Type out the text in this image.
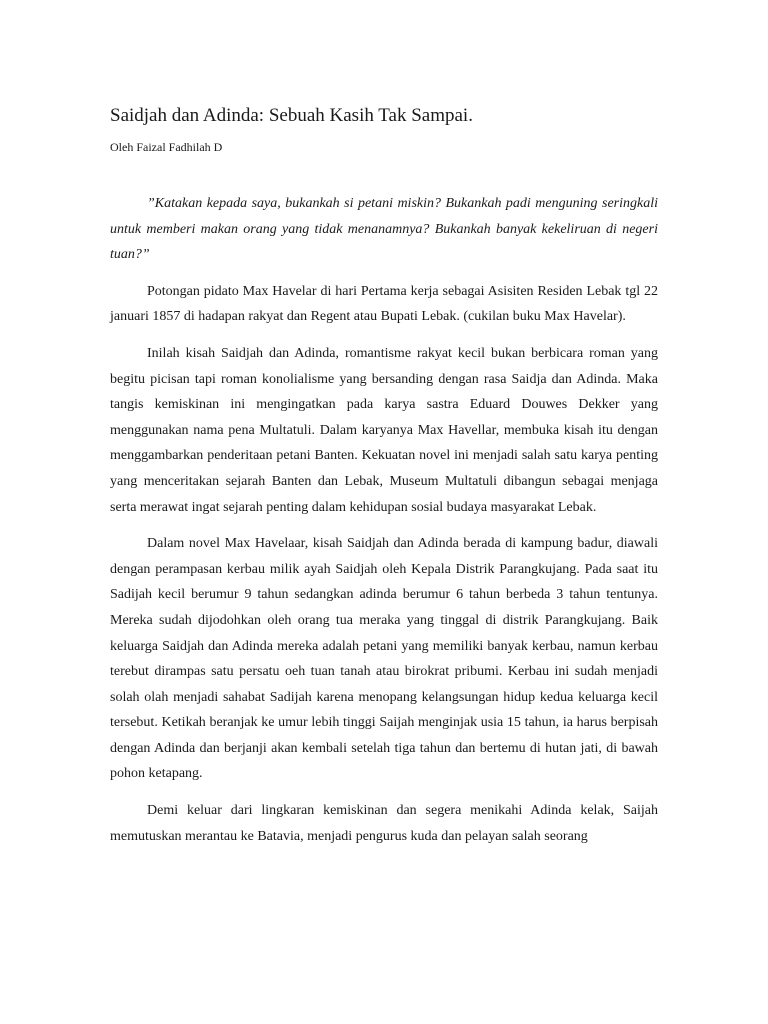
Saidjah dan Adinda: Sebuah Kasih Tak Sampai.

Oleh Faizal Fadhilah D

”Katakan kepada saya, bukankah si petani miskin? Bukankah padi menguning seringkali untuk memberi makan orang yang tidak menanamnya? Bukankah banyak kekeliruan di negeri tuan?”

Potongan pidato Max Havelar di hari Pertama kerja sebagai Asisiten Residen Lebak tgl 22 januari 1857 di hadapan rakyat dan Regent atau Bupati Lebak. (cukilan buku Max Havelar).

Inilah kisah Saidjah dan Adinda, romantisme rakyat kecil bukan berbicara roman yang begitu picisan tapi roman konolialisme yang bersanding dengan rasa Saidja dan Adinda. Maka tangis kemiskinan ini mengingatkan pada karya sastra Eduard Douwes Dekker yang menggunakan nama pena Multatuli. Dalam karyanya Max Havellar, membuka kisah itu dengan menggambarkan penderitaan petani Banten. Kekuatan novel ini menjadi salah satu karya penting yang menceritakan sejarah Banten dan Lebak, Museum Multatuli dibangun sebagai menjaga serta merawat ingat sejarah penting dalam kehidupan sosial budaya masyarakat Lebak.

Dalam novel Max Havelaar, kisah Saidjah dan Adinda berada di kampung badur, diawali dengan perampasan kerbau milik ayah Saidjah oleh Kepala Distrik Parangkujang. Pada saat itu Sadijah kecil berumur 9 tahun sedangkan adinda berumur 6 tahun berbeda 3 tahun tentunya. Mereka sudah dijodohkan oleh orang tua meraka yang tinggal di distrik Parangkujang. Baik keluarga Saidjah dan Adinda mereka adalah petani yang memiliki banyak kerbau, namun kerbau terebut dirampas satu persatu oeh tuan tanah atau birokrat pribumi. Kerbau ini sudah menjadi solah olah menjadi sahabat Sadijah karena menopang kelangsungan hidup kedua keluarga kecil tersebut. Ketikah beranjak ke umur lebih tinggi Saijah menginjak usia 15 tahun, ia harus berpisah dengan Adinda dan berjanji akan kembali setelah tiga tahun dan bertemu di hutan jati, di bawah pohon ketapang.

Demi keluar dari lingkaran kemiskinan dan segera menikahi Adinda kelak, Saijah memutuskan merantau ke Batavia, menjadi pengurus kuda dan pelayan salah seorang
